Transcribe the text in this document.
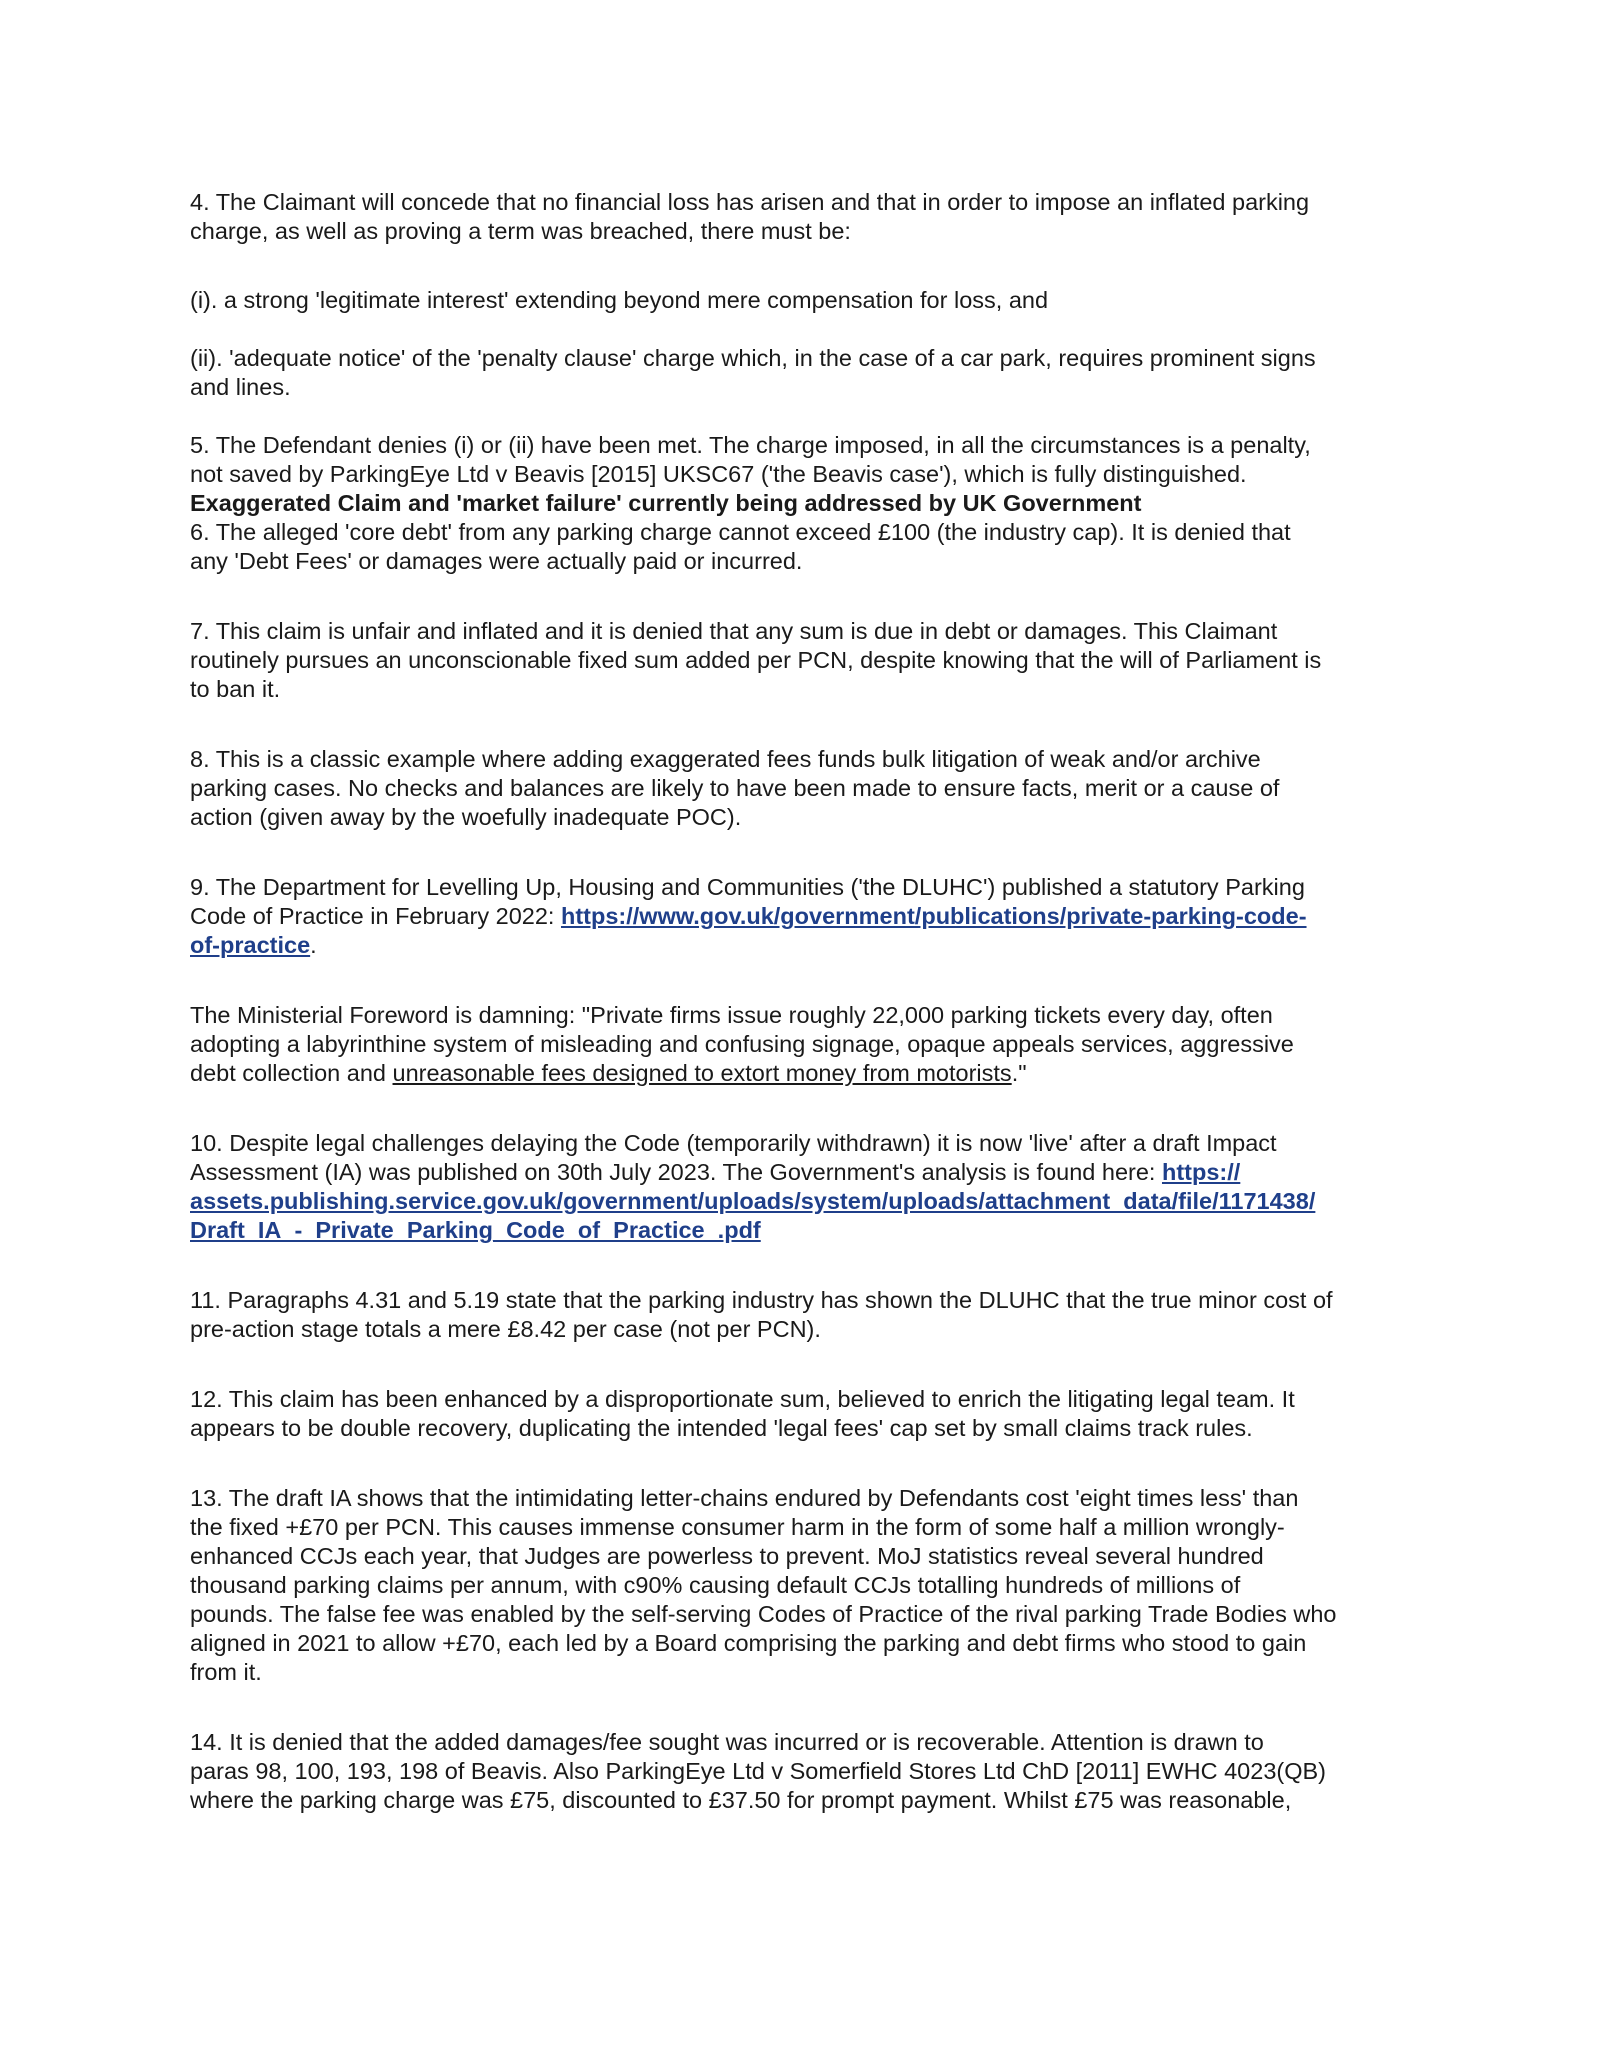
4. The Claimant will concede that no financial loss has arisen and that in order to impose an inflated parking
charge, as well as proving a term was breached, there must be:

(i). a strong 'legitimate interest' extending beyond mere compensation for loss, and

(ii). 'adequate notice' of the 'penalty clause' charge which, in the case of a car park, requires prominent signs
and lines.

5. The Defendant denies (i) or (ii) have been met. The charge imposed, in all the circumstances is a penalty,
not saved by ParkingEye Ltd v Beavis [2015] UKSC67 ('the Beavis case'), which is fully distinguished.

Exaggerated Claim and 'market failure' currently being addressed by UK Government

6. The alleged 'core debt' from any parking charge cannot exceed £100 (the industry cap). It is denied that
any 'Debt Fees' or damages were actually paid or incurred.

7. This claim is unfair and inflated and it is denied that any sum is due in debt or damages. This Claimant
routinely pursues an unconscionable fixed sum added per PCN, despite knowing that the will of Parliament is
to ban it.

8. This is a classic example where adding exaggerated fees funds bulk litigation of weak and/or archive
parking cases. No checks and balances are likely to have been made to ensure facts, merit or a cause of
action (given away by the woefully inadequate POC).

9. The Department for Levelling Up, Housing and Communities ('the DLUHC') published a statutory Parking
Code of Practice in February 2022: https://www.gov.uk/government/publications/private-parking-code-
of-practice.

The Ministerial Foreword is damning: "Private firms issue roughly 22,000 parking tickets every day, often
adopting a labyrinthine system of misleading and confusing signage, opaque appeals services, aggressive
debt collection and unreasonable fees designed to extort money from motorists."

10. Despite legal challenges delaying the Code (temporarily withdrawn) it is now 'live' after a draft Impact
Assessment (IA) was published on 30th July 2023. The Government's analysis is found here: https://
assets.publishing.service.gov.uk/government/uploads/system/uploads/attachment_data/file/1171438/
Draft_IA_-_Private_Parking_Code_of_Practice_.pdf

11. Paragraphs 4.31 and 5.19 state that the parking industry has shown the DLUHC that the true minor cost of
pre-action stage totals a mere £8.42 per case (not per PCN).

12. This claim has been enhanced by a disproportionate sum, believed to enrich the litigating legal team. It
appears to be double recovery, duplicating the intended 'legal fees' cap set by small claims track rules.

13. The draft IA shows that the intimidating letter-chains endured by Defendants cost 'eight times less' than
the fixed +£70 per PCN. This causes immense consumer harm in the form of some half a million wrongly-
enhanced CCJs each year, that Judges are powerless to prevent. MoJ statistics reveal several hundred
thousand parking claims per annum, with c90% causing default CCJs totalling hundreds of millions of
pounds. The false fee was enabled by the self-serving Codes of Practice of the rival parking Trade Bodies who
aligned in 2021 to allow +£70, each led by a Board comprising the parking and debt firms who stood to gain
from it.

14. It is denied that the added damages/fee sought was incurred or is recoverable. Attention is drawn to
paras 98, 100, 193, 198 of Beavis. Also ParkingEye Ltd v Somerfield Stores Ltd ChD [2011] EWHC 4023(QB)
where the parking charge was £75, discounted to £37.50 for prompt payment. Whilst £75 was reasonable,
